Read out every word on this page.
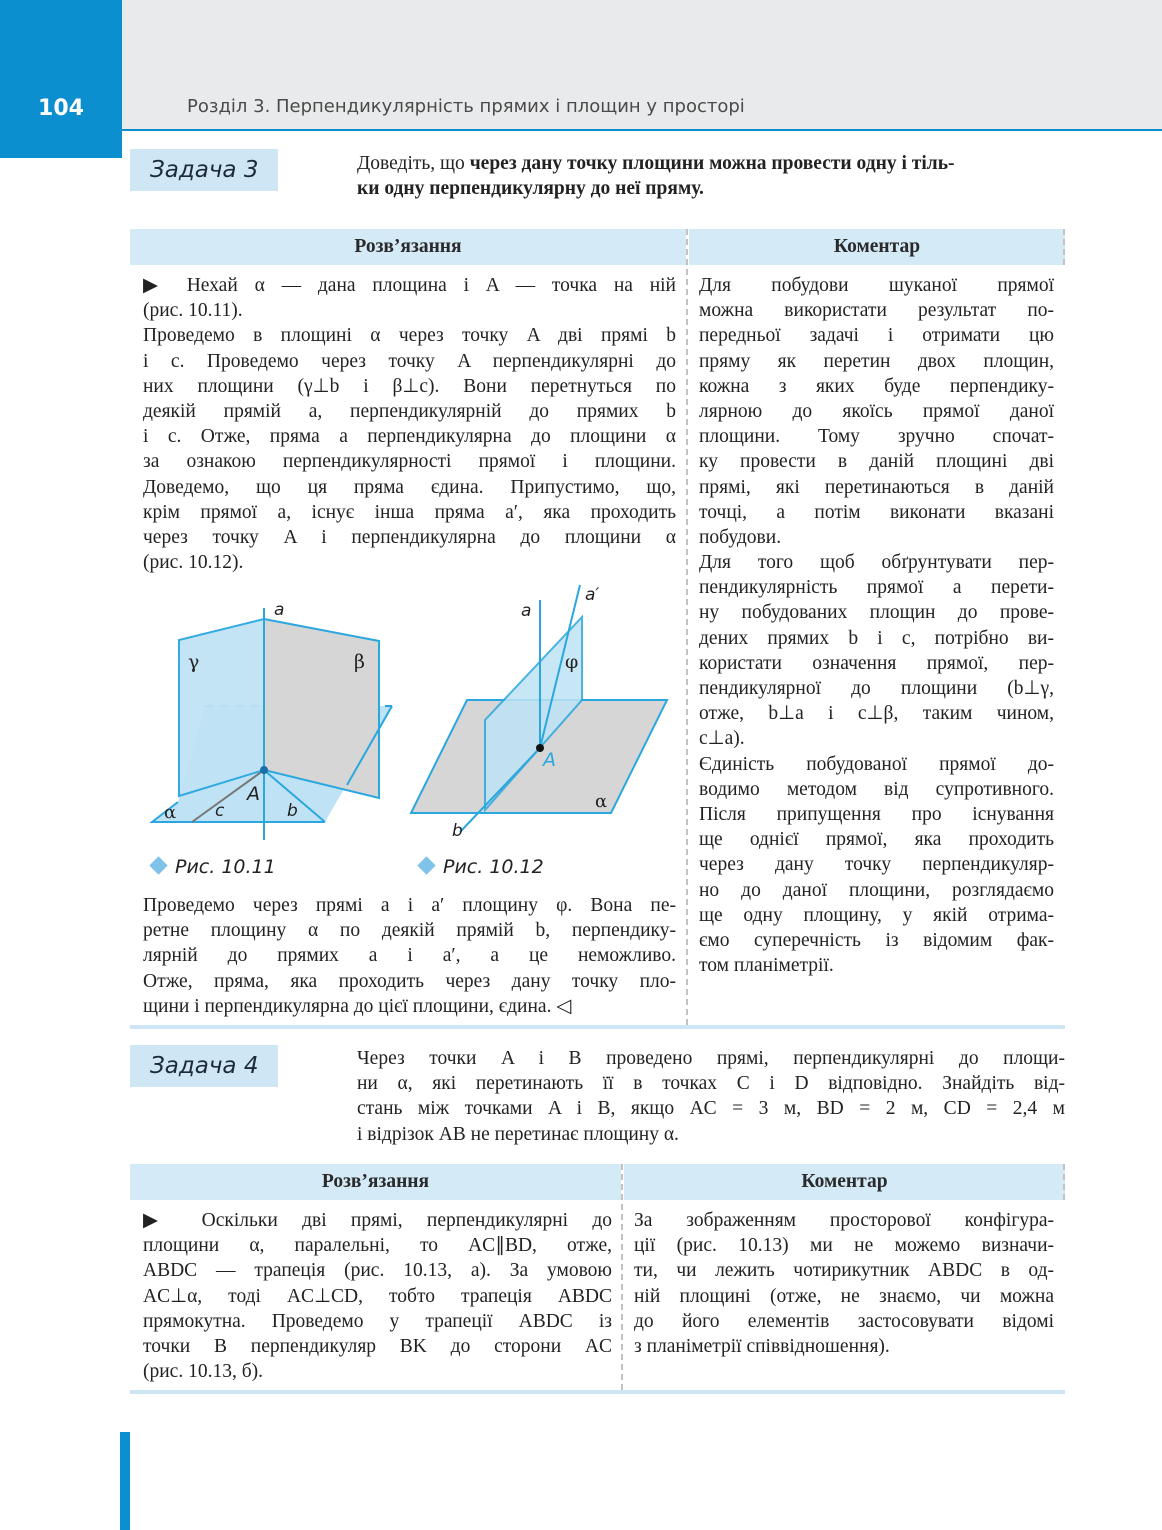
104	Розділ 3. Перпендикулярність прямих і площин у просторі
Задача 3	Доведіть, що через дану точку площини можна провести одну і тіль-
ки одну перпендикулярну до неї пряму.
Розв’язання	Коментар
▶ Нехай α — дана площина і A — точка на ній
(рис. 10.11).
Проведемо в площині α через точку A дві прямі b
і c. Проведемо через точку A перпендикулярні до
них площини (γ⊥b і β⊥c). Вони перетнуться по
деякій прямій a, перпендикулярній до прямих b
і c. Отже, пряма a перпендикулярна до площини α
за ознакою перпендикулярності прямої і площини.
Доведемо, що ця пряма єдина. Припустимо, що,
крім прямої a, існує інша пряма a′, яка проходить
через точку A і перпендикулярна до площини α
(рис. 10.12).
Проведемо через прямі a і a′ площину φ. Вона пе-
ретне площину α по деякій прямій b, перпендику-
лярній до прямих a і a′, а це неможливо.
Отже, пряма, яка проходить через дану точку пло-
щини і перпендикулярна до цієї площини, єдина. ◁
Для побудови шуканої прямої
можна використати результат по-
передньої задачі і отримати цю
пряму як перетин двох площин,
кожна з яких буде перпендику-
лярною до якоїсь прямої даної
площини. Тому зручно спочат-
ку провести в даній площині дві
прямі, які перетинаються в даній
точці, а потім виконати вказані
побудови.
Для того щоб обґрунтувати пер-
пендикулярність прямої a перети-
ну побудованих площин до прове-
дених прямих b і c, потрібно ви-
користати означення прямої, пер-
пендикулярної до площини (b⊥γ,
отже, b⊥a і c⊥β, таким чином,
c⊥a).
Єдиність побудованої прямої до-
водимо методом від супротивного.
Після припущення про існування
ще однієї прямої, яка проходить
через дану точку перпендикуляр-
но до даної площини, розглядаємо
ще одну площину, у якій отрима-
ємо суперечність із відомим фак-
том планіметрії.
a
γ	β
A
α c	b
Рис. 10.11
a
a′
φ
A
α
b
Рис. 10.12
Задача 4	Через точки A і B проведено прямі, перпендикулярні до площи-
ни α, які перетинають її в точках C і D відповідно. Знайдіть від-
стань між точками A і B, якщо AC = 3 м, BD = 2 м, CD = 2,4 м
і відрізок AB не перетинає площину α.
Розв’язання	Коментар
▶ Оскільки дві прямі, перпендикулярні до
площини α, паралельні, то AC∥BD, отже,
ABDC — трапеція (рис. 10.13, а). За умовою
AC⊥α, тоді AC⊥CD, тобто трапеція ABDC
прямокутна. Проведемо у трапеції ABDC із
точки B перпендикуляр BK до сторони AC
(рис. 10.13, б).
За зображенням просторової конфігура-
ції (рис. 10.13) ми не можемо визначи-
ти, чи лежить чотирикутник ABDC в од-
ній площині (отже, не знаємо, чи можна
до його елементів застосовувати відомі
з планіметрії співвідношення).
